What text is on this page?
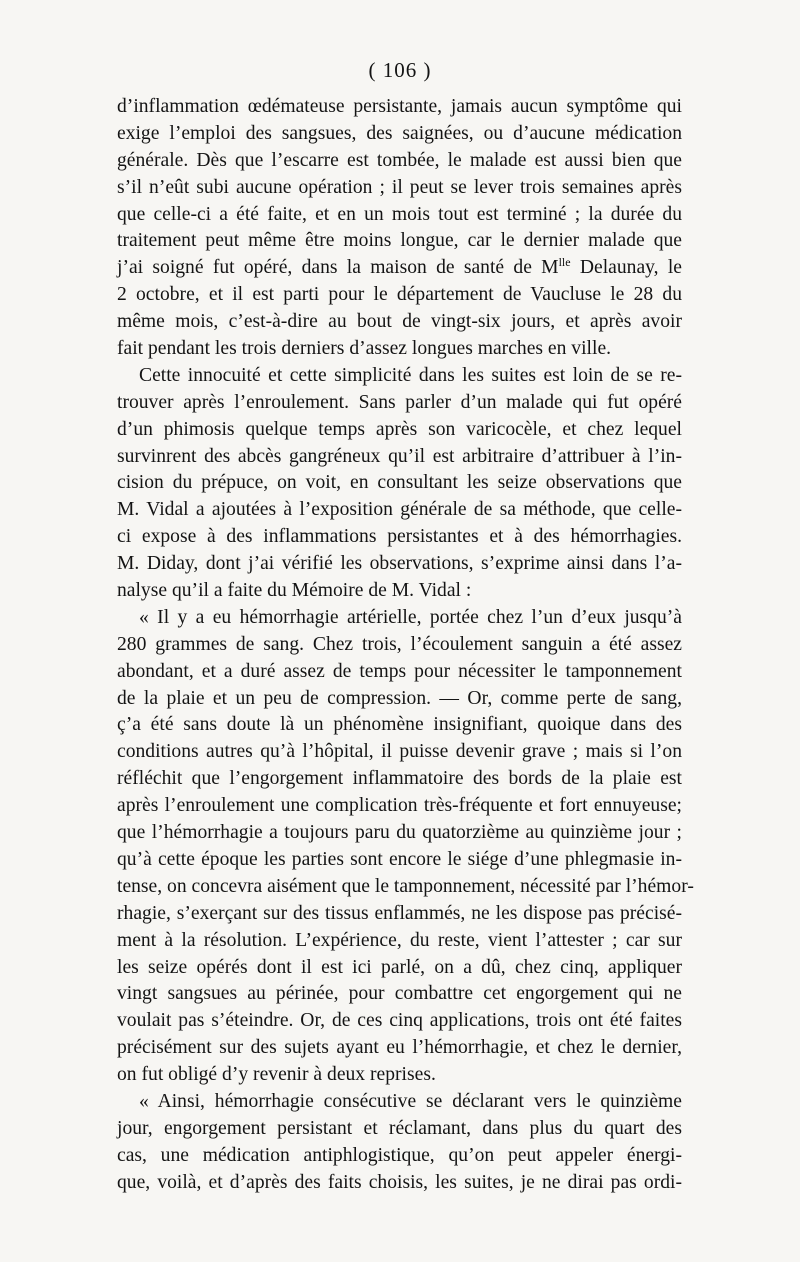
( 106 )

d’inflammation œdémateuse persistante, jamais aucun symptôme qui
exige l’emploi des sangsues, des saignées, ou d’aucune médication
générale. Dès que l’escarre est tombée, le malade est aussi bien que
s’il n’eût subi aucune opération ; il peut se lever trois semaines après
que celle-ci a été faite, et en un mois tout est terminé ; la durée du
traitement peut même être moins longue, car le dernier malade que
j’ai soigné fut opéré, dans la maison de santé de $M^{lle}$ Delaunay, le
2 octobre, et il est parti pour le département de Vaucluse le 28 du
même mois, c’est-à-dire au bout de vingt-six jours, et après avoir
fait pendant les trois derniers d’assez longues marches en ville.
Cette innocuité et cette simplicité dans les suites est loin de se re-
trouver après l’enroulement. Sans parler d’un malade qui fut opéré
d’un phimosis quelque temps après son varicocèle, et chez lequel
survinrent des abcès gangréneux qu’il est arbitraire d’attribuer à l’in-
cision du prépuce, on voit, en consultant les seize observations que
M. Vidal a ajoutées à l’exposition générale de sa méthode, que celle-
ci expose à des inflammations persistantes et à des hémorrhagies.
M. Diday, dont j’ai vérifié les observations, s’exprime ainsi dans l’a-
nalyse qu’il a faite du Mémoire de M. Vidal :
« Il y a eu hémorrhagie artérielle, portée chez l’un d’eux jusqu’à
280 grammes de sang. Chez trois, l’écoulement sanguin a été assez
abondant, et a duré assez de temps pour nécessiter le tamponnement
de la plaie et un peu de compression. — Or, comme perte de sang,
ç’a été sans doute là un phénomène insignifiant, quoique dans des
conditions autres qu’à l’hôpital, il puisse devenir grave ; mais si l’on
réfléchit que l’engorgement inflammatoire des bords de la plaie est
après l’enroulement une complication très-fréquente et fort ennuyeuse;
que l’hémorrhagie a toujours paru du quatorzième au quinzième jour ;
qu’à cette époque les parties sont encore le siége d’une phlegmasie in-
tense, on concevra aisément que le tamponnement, nécessité par l’hémor-
rhagie, s’exerçant sur des tissus enflammés, ne les dispose pas précisé-
ment à la résolution. L’expérience, du reste, vient l’attester ; car sur
les seize opérés dont il est ici parlé, on a dû, chez cinq, appliquer
vingt sangsues au périnée, pour combattre cet engorgement qui ne
voulait pas s’éteindre. Or, de ces cinq applications, trois ont été faites
précisément sur des sujets ayant eu l’hémorrhagie, et chez le dernier,
on fut obligé d’y revenir à deux reprises.
« Ainsi, hémorrhagie consécutive se déclarant vers le quinzième
jour, engorgement persistant et réclamant, dans plus du quart des
cas, une médication antiphlogistique, qu’on peut appeler énergi-
que, voilà, et d’après des faits choisis, les suites, je ne dirai pas ordi-
